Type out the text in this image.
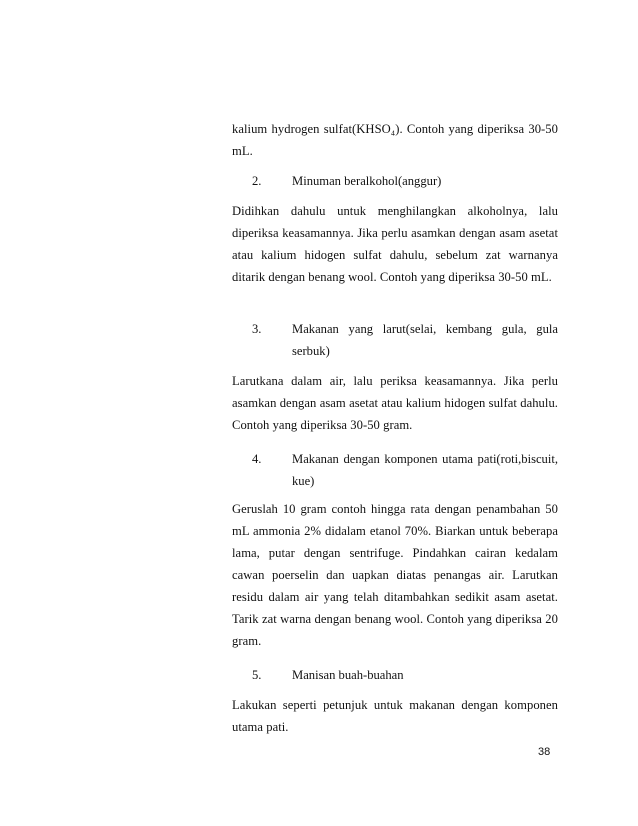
kalium hydrogen sulfat(KHSO₄). Contoh yang diperiksa 30-50 mL.
2. Minuman beralkohol(anggur)
Didihkan dahulu untuk menghilangkan alkoholnya, lalu diperiksa keasamannya. Jika perlu asamkan dengan asam asetat atau kalium hidogen sulfat dahulu, sebelum zat warnanya ditarik dengan benang wool. Contoh yang diperiksa 30-50 mL.
3. Makanan yang larut(selai, kembang gula, gula serbuk)
Larutkana dalam air, lalu periksa keasamannya. Jika perlu asamkan dengan asam asetat atau kalium hidogen sulfat dahulu. Contoh yang diperiksa 30-50 gram.
4. Makanan dengan komponen utama pati(roti,biscuit, kue)
Geruslah 10 gram contoh hingga rata dengan penambahan 50 mL ammonia 2% didalam etanol 70%. Biarkan untuk beberapa lama, putar dengan sentrifuge. Pindahkan cairan kedalam cawan poerselin dan uapkan diatas penangas air. Larutkan residu dalam air yang telah ditambahkan sedikit asam asetat. Tarik zat warna dengan benang wool. Contoh yang diperiksa 20 gram.
5. Manisan buah-buahan
Lakukan seperti petunjuk untuk makanan dengan komponen utama pati.
38
